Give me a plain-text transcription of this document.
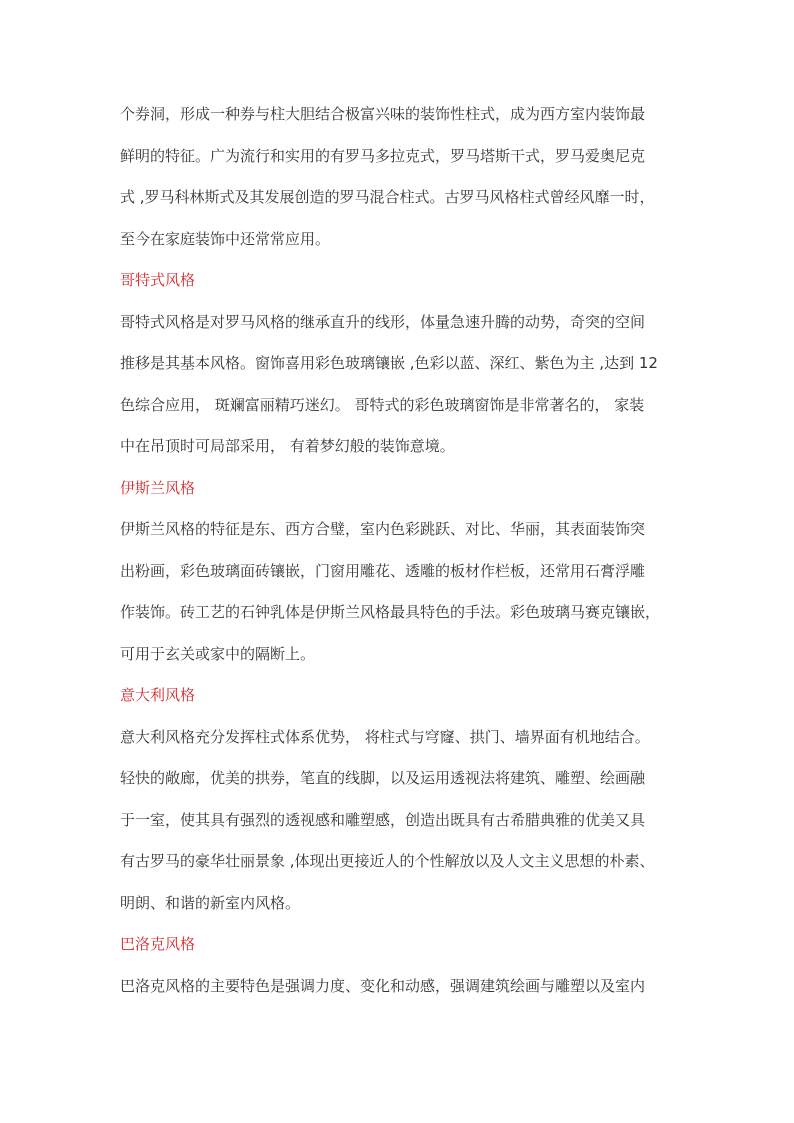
个券洞，形成一种券与柱大胆结合极富兴味的装饰性柱式，成为西方室内装饰最
鲜明的特征。广为流行和实用的有罗马多拉克式，罗马塔斯干式，罗马爱奥尼克
式 ,罗马科林斯式及其发展创造的罗马混合柱式。古罗马风格柱式曾经风靡一时，
至今在家庭装饰中还常常应用。
哥特式风格
哥特式风格是对罗马风格的继承直升的线形，体量急速升腾的动势，奇突的空间
推移是其基本风格。窗饰喜用彩色玻璃镶嵌 ,色彩以蓝、深红、紫色为主 ,达到 12
色综合应用， 斑斓富丽精巧迷幻。 哥特式的彩色玻璃窗饰是非常著名的， 家装
中在吊顶时可局部采用， 有着梦幻般的装饰意境。
伊斯兰风格
伊斯兰风格的特征是东、西方合璧，室内色彩跳跃、对比、华丽，其表面装饰突
出粉画，彩色玻璃面砖镶嵌，门窗用雕花、透雕的板材作栏板，还常用石膏浮雕
作装饰。砖工艺的石钟乳体是伊斯兰风格最具特色的手法。彩色玻璃马赛克镶嵌，
可用于玄关或家中的隔断上。
意大利风格
意大利风格充分发挥柱式体系优势， 将柱式与穹窿、拱门、墙界面有机地结合。
轻快的敞廊，优美的拱券，笔直的线脚，以及运用透视法将建筑、雕塑、绘画融
于一室，使其具有强烈的透视感和雕塑感，创造出既具有古希腊典雅的优美又具
有古罗马的豪华壮丽景象 ,体现出更接近人的个性解放以及人文主义思想的朴素、
明朗、和谐的新室内风格。
巴洛克风格
巴洛克风格的主要特色是强调力度、变化和动感，强调建筑绘画与雕塑以及室内
